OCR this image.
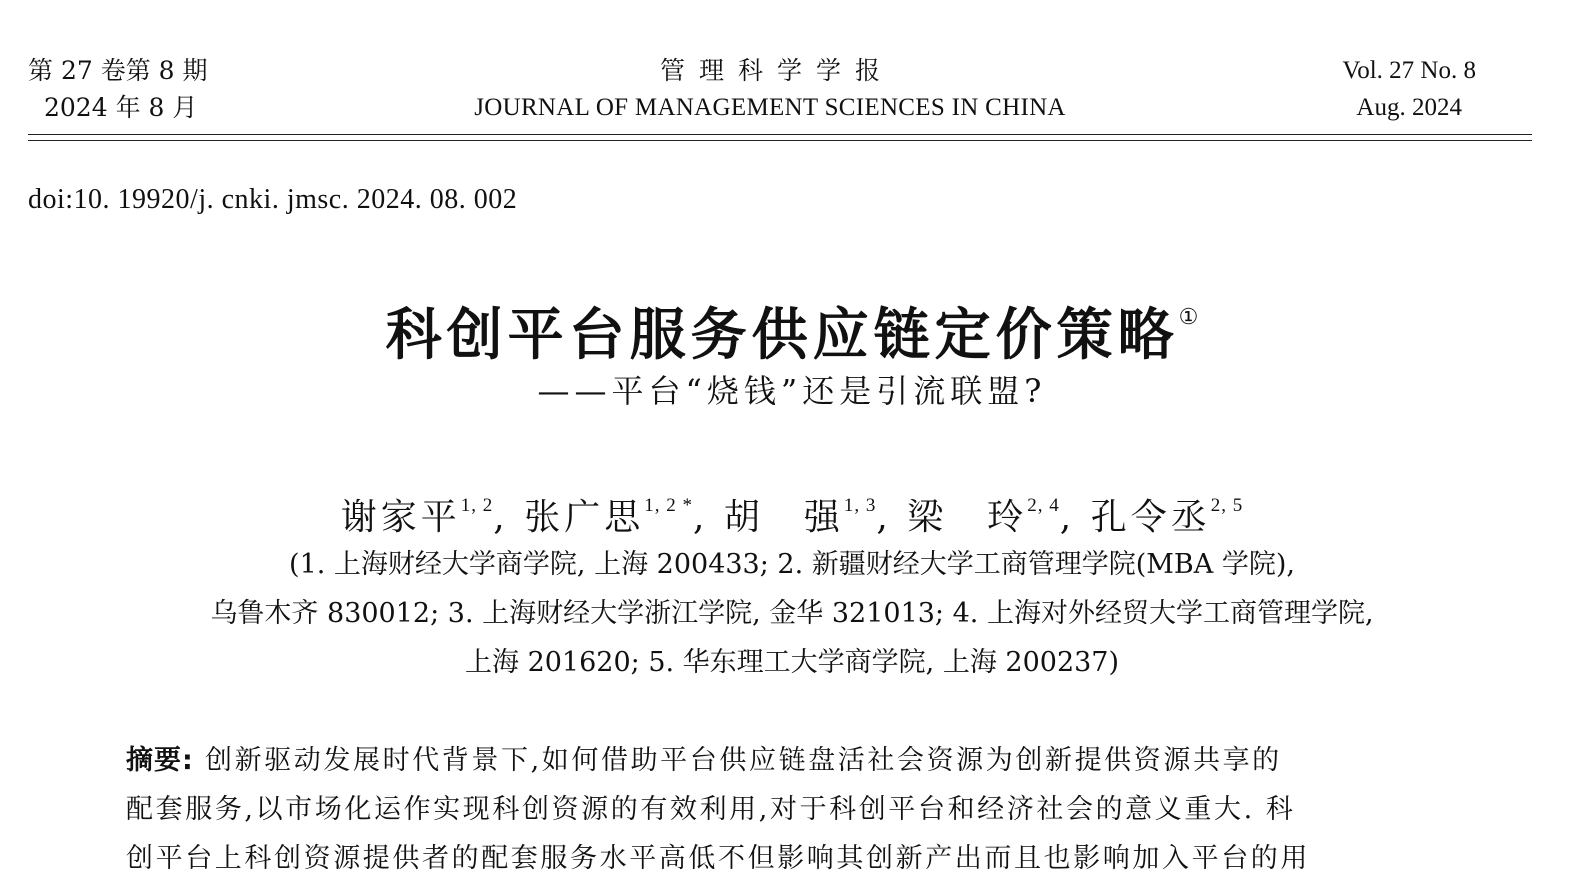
第 27 卷第 8 期
2024 年 8 月
管理科学学报
JOURNAL OF MANAGEMENT SCIENCES IN CHINA
Vol. 27 No. 8
Aug. 2024
doi:10. 19920/j. cnki. jmsc. 2024. 08. 002
科创平台服务供应链定价策略①
——平台“烧钱”还是引流联盟?
谢家平$^{1, 2}$, 张广思$^{1, 2 *}$, 胡　强$^{1, 3}$, 梁　玲$^{2, 4}$, 孔令丞$^{2, 5}$
(1. 上海财经大学商学院, 上海 200433; 2. 新疆财经大学工商管理学院(MBA 学院),
乌鲁木齐 830012; 3. 上海财经大学浙江学院, 金华 321013; 4. 上海对外经贸大学工商管理学院,
上海 201620; 5. 华东理工大学商学院, 上海 200237)
摘要: 创新驱动发展时代背景下,如何借助平台供应链盘活社会资源为创新提供资源共享的
配套服务,以市场化运作实现科创资源的有效利用,对于科创平台和经济社会的意义重大. 科
创平台上科创资源提供者的配套服务水平高低不但影响其创新产出而且也影响加入平台的用
